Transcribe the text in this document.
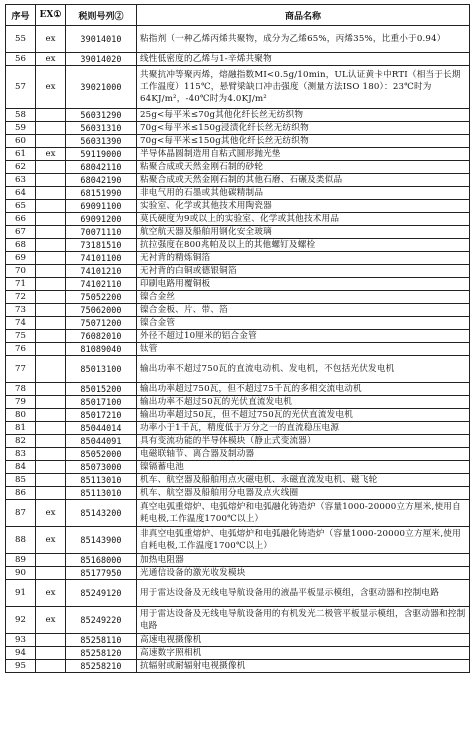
序号	EX①	税则号列②	商品名称
55	ex	39014010	粘指剂（一种乙烯丙烯共聚物，成分为乙烯65%，丙烯35%，比重小于0.94）
56	ex	39014020	线性低密度的乙烯与1-辛烯共聚物
57	ex	39021000	共聚抗冲等聚丙烯，熔融指数MI<0.5g/10min，UL认证黄卡中RTI（相当于长期工作温度）115℃，悬臂梁缺口冲击强度（测量方法ISO 180）：23℃时为64KJ/m²，-40℃时为4.0KJ/m²
58		56031290	25g<每平米≤70g其他化纤长丝无纺织物
59		56031310	70g<每平米≤150g浸渍化纤长丝无纺织物
60		56031390	70g<每平米≤150g其他化纤长丝无纺织物
61	ex	59119000	半导体晶圆制造用自粘式圆形抛光垫
62		68042110	粘聚合成或天然金刚石制的砂轮
63		68042190	粘聚合成或天然金刚石制的其他石磨、石碾及类似品
64		68151990	非电气用的石墨或其他碳精制品
65		69091100	实验室、化学或其他技术用陶瓷器
66		69091200	莫氏硬度为9或以上的实验室、化学或其他技术用品
67		70071110	航空航天器及船舶用钢化安全玻璃
68		73181510	抗拉强度在800兆帕及以上的其他螺钉及螺栓
69		74101100	无衬背的精炼铜箔
70		74101210	无衬背的白铜或德银铜箔
71		74102110	印刷电路用覆铜板
72		75052200	镍合金丝
73		75062000	镍合金板、片、带、箔
74		75071200	镍合金管
75		76082010	外径不超过10厘米的铝合金管
76		81089040	钛管
77		85013100	输出功率不超过750瓦的直流电动机、发电机，不包括光伏发电机
78		85015200	输出功率超过750瓦，但不超过75千瓦的多相交流电动机
79		85017100	输出功率不超过50瓦的光伏直流发电机
80		85017210	输出功率超过50瓦，但不超过750瓦的光伏直流发电机
81		85044014	功率小于1千瓦，精度低于万分之一的直流稳压电源
82		85044091	具有变流功能的半导体模块（静止式变流器）
83		85052000	电磁联轴节、离合器及制动器
84		85073000	镍镉蓄电池
85		85113010	机车、航空器及船舶用点火磁电机、永磁直流发电机、磁飞轮
86		85113010	机车、航空器及船舶用分电器及点火线圈
87	ex	85143200	真空电弧重熔炉、电弧熔炉和电弧融化铸造炉（容量1000-20000立方厘米,使用自耗电极,工作温度1700℃以上）
88	ex	85143900	非真空电弧重熔炉、电弧熔炉和电弧融化铸造炉（容量1000-20000立方厘米,使用自耗电极,工作温度1700℃以上）
89		85168000	加热电阻器
90		85177950	光通信设备的激光收发模块
91	ex	85249120	用于雷达设备及无线电导航设备用的液晶平板显示模组，含驱动器和控制电路
92	ex	85249220	用于雷达设备及无线电导航设备用的有机发光二极管平板显示模组，含驱动器和控制电路
93		85258110	高速电视摄像机
94		85258120	高速数字照相机
95		85258210	抗辐射或耐辐射电视摄像机
